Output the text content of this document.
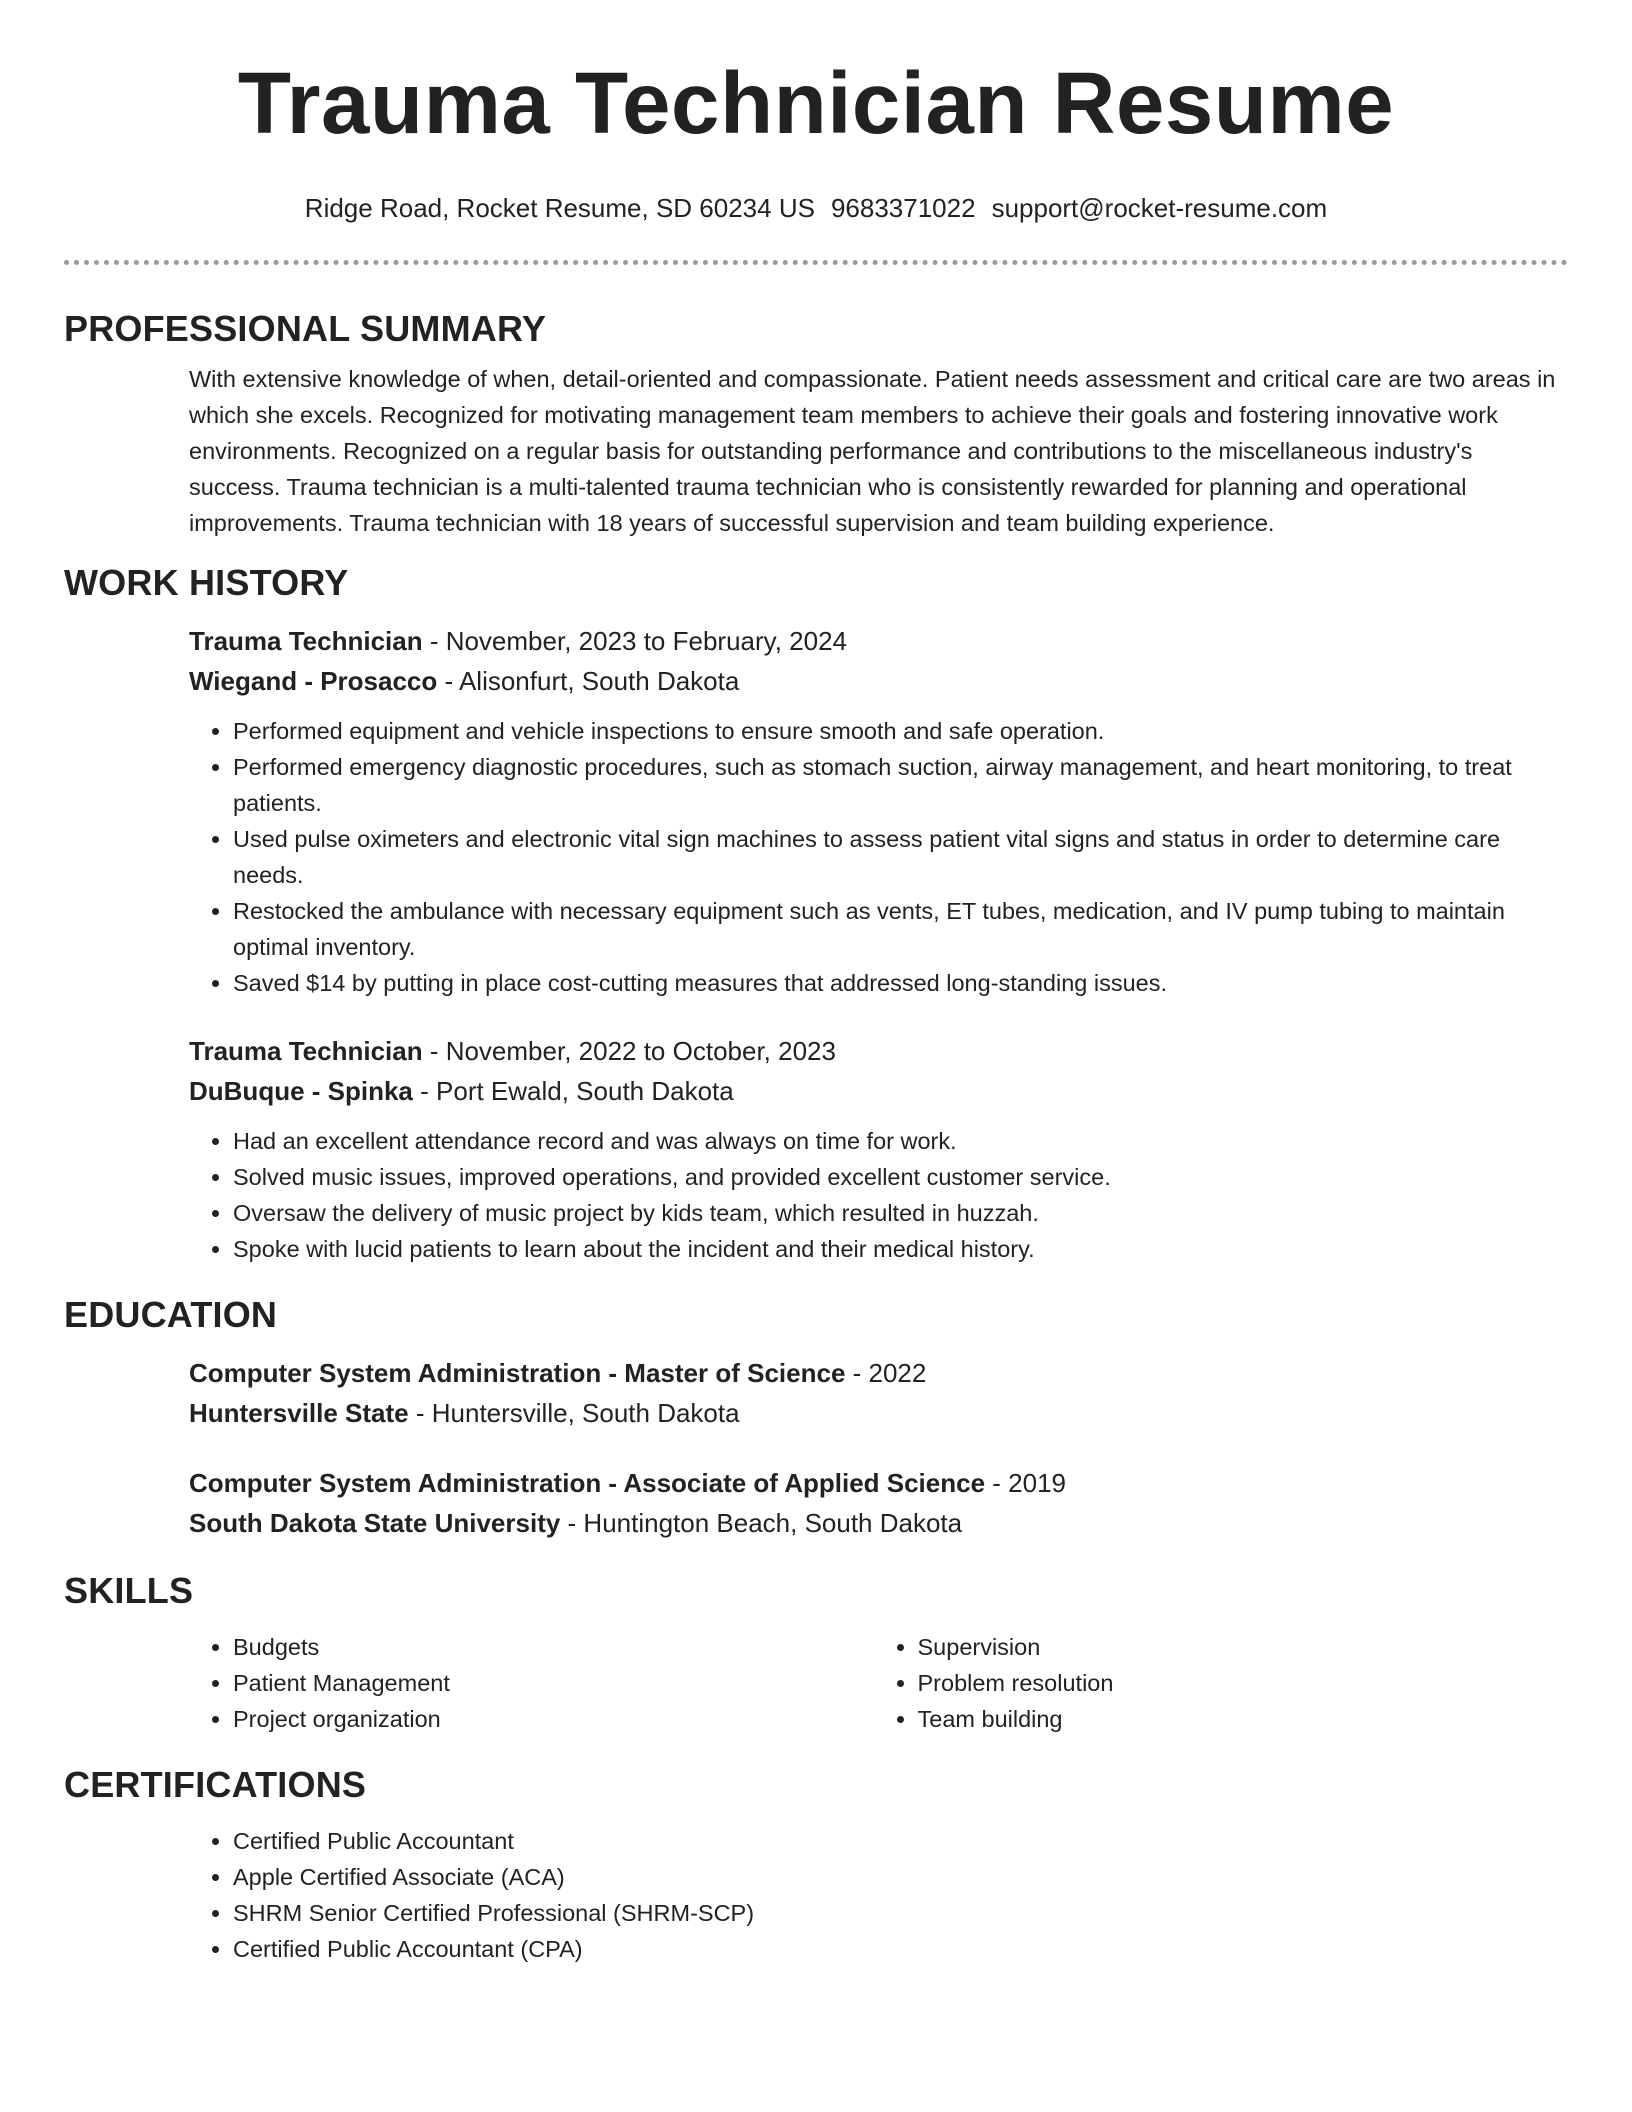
Trauma Technician Resume
Ridge Road, Rocket Resume, SD 60234 US 9683371022 support@rocket-resume.com
PROFESSIONAL SUMMARY

With extensive knowledge of when, detail-oriented and compassionate. Patient needs assessment and critical care are two areas in which she excels. Recognized for motivating management team members to achieve their goals and fostering innovative work environments. Recognized on a regular basis for outstanding performance and contributions to the miscellaneous industry's success. Trauma technician is a multi-talented trauma technician who is consistently rewarded for planning and operational improvements. Trauma technician with 18 years of successful supervision and team building experience.

WORK HISTORY

Trauma Technician - November, 2023 to February, 2024

Wiegand - Prosacco - Alisonfurt, South Dakota

• Performed equipment and vehicle inspections to ensure smooth and safe operation.
• Performed emergency diagnostic procedures, such as stomach suction, airway management, and heart monitoring, to treat patients.
• Used pulse oximeters and electronic vital sign machines to assess patient vital signs and status in order to determine care needs.
• Restocked the ambulance with necessary equipment such as vents, ET tubes, medication, and IV pump tubing to maintain optimal inventory.
• Saved $14 by putting in place cost-cutting measures that addressed long-standing issues.

Trauma Technician - November, 2022 to October, 2023

DuBuque - Spinka - Port Ewald, South Dakota

• Had an excellent attendance record and was always on time for work.
• Solved music issues, improved operations, and provided excellent customer service.
• Oversaw the delivery of music project by kids team, which resulted in huzzah.
• Spoke with lucid patients to learn about the incident and their medical history.
EDUCATION

Computer System Administration - Master of Science - 2022

Huntersville State - Huntersville, South Dakota

Computer System Administration - Associate of Applied Science - 2019

South Dakota State University - Huntington Beach, South Dakota

SKILLS
• Budgets
• Patient Management
• Project organization
• Supervision
• Problem resolution
• Team building
CERTIFICATIONS
• Certified Public Accountant
• Apple Certified Associate (ACA)
• SHRM Senior Certified Professional (SHRM-SCP)
• Certified Public Accountant (CPA)
